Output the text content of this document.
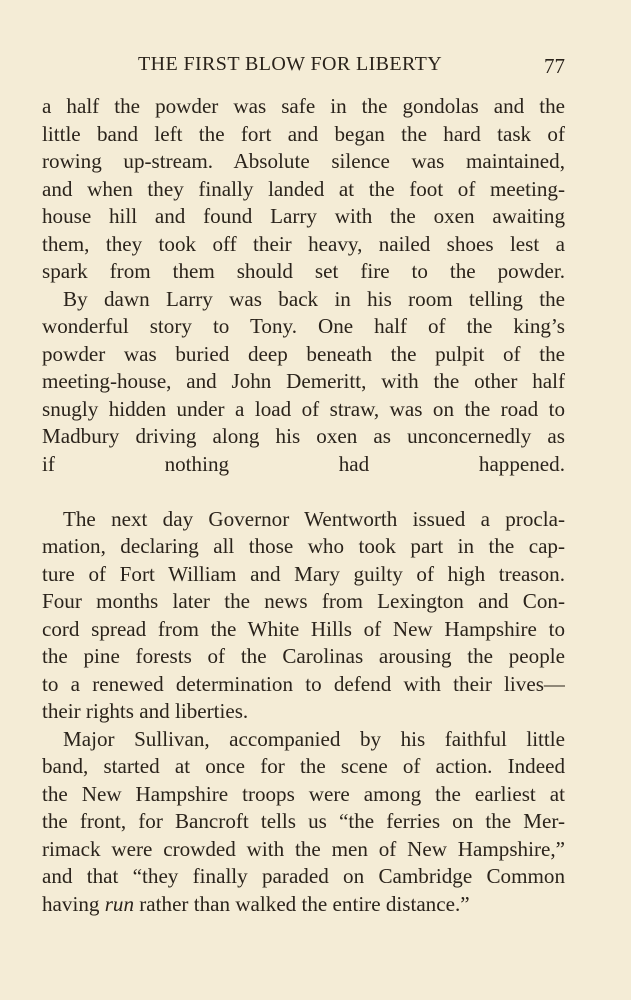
THE FIRST BLOW FOR LIBERTY	77
a half the powder was safe in the gondolas and the
little band left the fort and began the hard task of
rowing up-stream. Absolute silence was maintained,
and when they finally landed at the foot of meeting-
house hill and found Larry with the oxen awaiting
them, they took off their heavy, nailed shoes lest a
spark from them should set fire to the powder.
By dawn Larry was back in his room telling the
wonderful story to Tony. One half of the king’s
powder was buried deep beneath the pulpit of the
meeting-house, and John Demeritt, with the other half
snugly hidden under a load of straw, was on the road to
Madbury driving along his oxen as unconcernedly as
if nothing had happened.
The next day Governor Wentworth issued a procla-
mation, declaring all those who took part in the cap-
ture of Fort William and Mary guilty of high treason.
Four months later the news from Lexington and Con-
cord spread from the White Hills of New Hampshire to
the pine forests of the Carolinas arousing the people
to a renewed determination to defend with their lives—
their rights and liberties.
Major Sullivan, accompanied by his faithful little
band, started at once for the scene of action. Indeed
the New Hampshire troops were among the earliest at
the front, for Bancroft tells us “the ferries on the Mer-
rimack were crowded with the men of New Hampshire,”
and that “they finally paraded on Cambridge Common
having run rather than walked the entire distance.”
